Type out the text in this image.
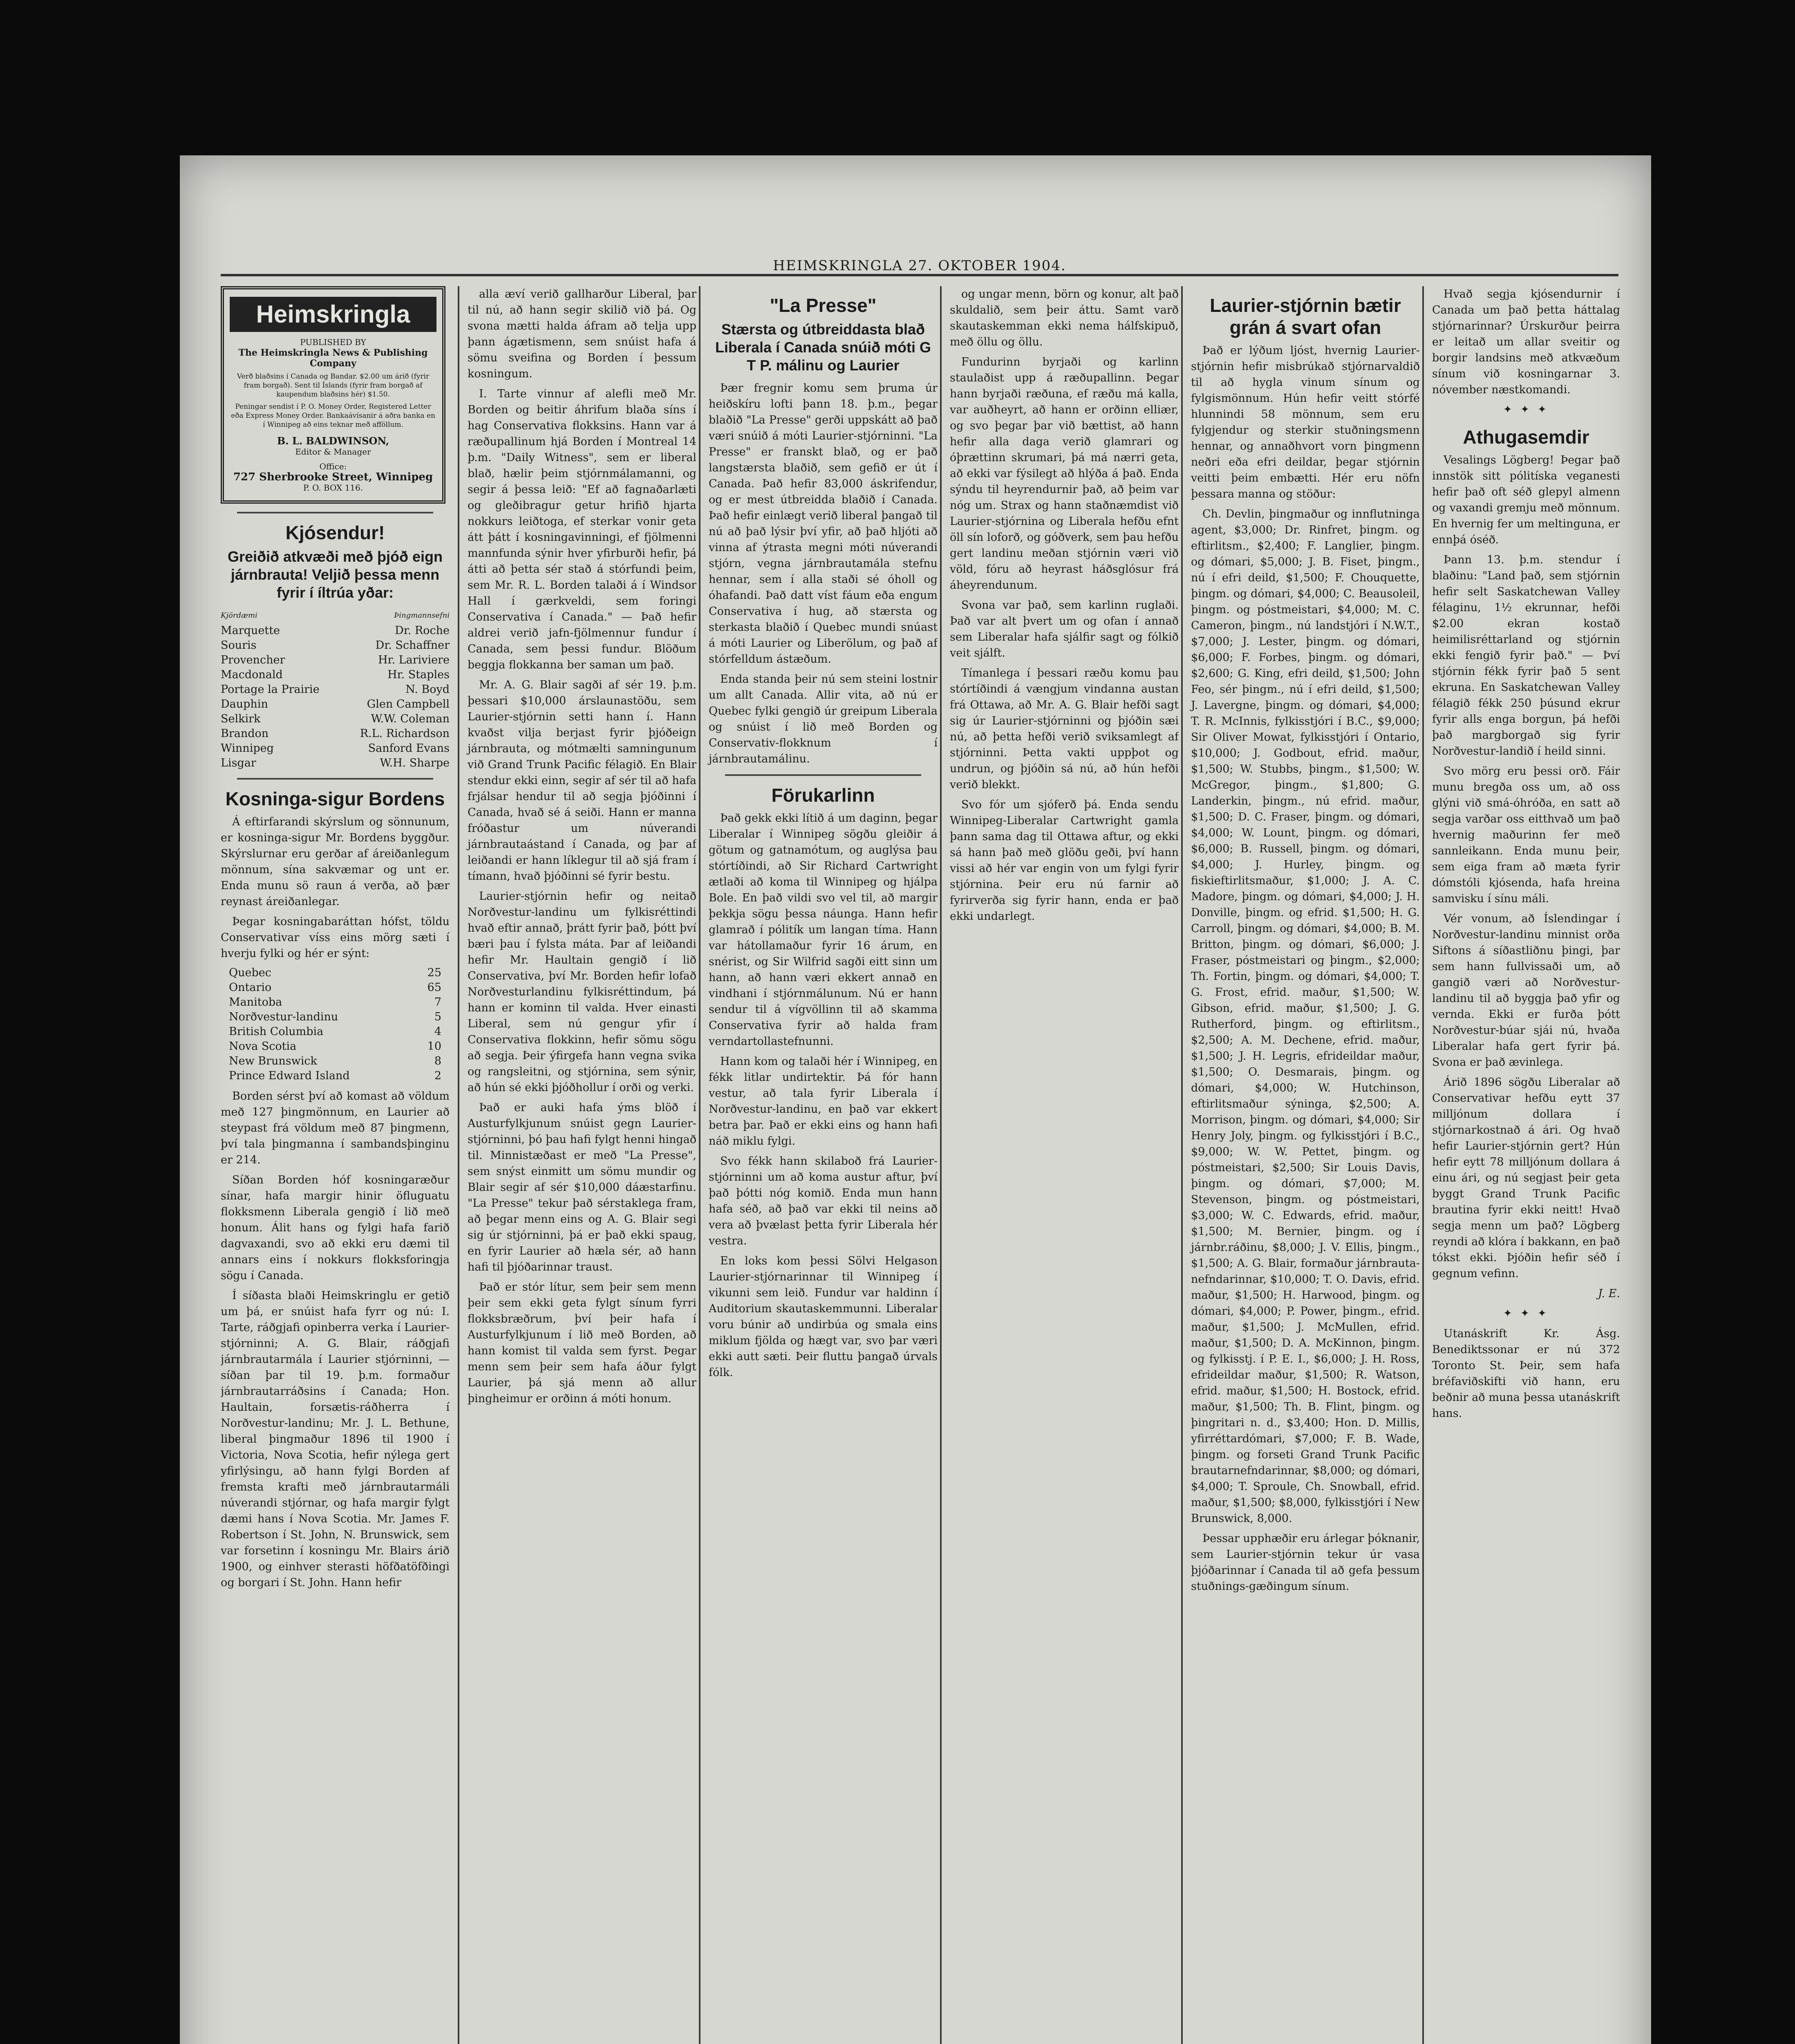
HEIMSKRINGLA 27. OKTOBER 1904.
Heimskringla
PUBLISHED BY
The Heimskringla News & Publishing Company
Verð blaðsins í Canada og Bandar. $2.00 um árið (fyrir fram borgað). Sent til Íslands (fyrir fram borgað af kaupendum blaðsins hér) $1.50.
Peningar sendist í P. O. Money Order, Registered Letter eða Express Money Order. Bankaávísanir á aðra banka en í Winnipeg að eins teknar með afföllum.
B. L. BALDWINSON,
Editor & Manager
Office:
727 Sherbrooke Street, Winnipeg
P. O. BOX 116.
Kjósendur!
Greiðið atkvæði með þjóð eign járnbrauta! Veljið þessa menn fyrir í íltrúa yðar:
Kjördæmi	Þingmannsefni
Marquette	Dr. Roche
Souris	Dr. Schaffner
Provencher	Hr. Lariviere
Macdonald	Hr. Staples
Portage la Prairie	N. Boyd
Dauphin	Glen Campbell
Selkirk	W.W. Coleman
Brandon	R.L. Richardson
Winnipeg	Sanford Evans
Lisgar	W.H. Sharpe
Kosninga-sigur Bordens

Á eftirfarandi skýrslum og sönnunum, er kosninga-sigur Mr. Bordens byggður. Skýrslurnar eru gerðar af áreiðanlegum mönnum, sína sakvæmar og unt er. Enda munu sö raun á verða, að þær reynast áreiðanlegar.

Þegar kosningabaráttan hófst, töldu Conservativar víss eins mörg sæti í hverju fylki og hér er sýnt:

Quebec	25
Ontario	65
Manitoba	7
Norðvestur-landinu	5
British Columbia	4
Nova Scotia	10
New Brunswick	8
Prince Edward Island	2

Borden sérst því að komast að völdum með 127 þingmönnum, en Laurier að steypast frá völdum með 87 þingmenn, því tala þingmanna í sambandsþinginu er 214.

Síðan Borden hóf kosningaræður sínar, hafa margir hinir öfluguatu flokksmenn Liberala gengið í lið með honum. Álit hans og fylgi hafa farið dagvaxandi, svo að ekki eru dæmi til annars eins í nokkurs flokksforingja sögu í Canada.

Í síðasta blaði Heimskringlu er getið um þá, er snúist hafa fyrr og nú: I. Tarte, ráðgjafi opinberra verka í Laurier-stjórninni; A. G. Blair, ráðgjafi járnbrautarmála í Laurier stjórninni, — síðan þar til 19. þ.m. formaður járnbrautarráðsins í Canada; Hon. Haultain, forsætis-ráðherra í Norðvestur-landinu; Mr. J. L. Bethune, liberal þingmaður 1896 til 1900 í Victoria, Nova Scotia, hefir nýlega gert yfirlýsingu, að hann fylgi Borden af fremsta krafti með járnbrautarmáli núverandi stjórnar, og hafa margir fylgt dæmi hans í Nova Scotia. Mr. James F. Robertson í St. John, N. Brunswick, sem var forsetinn í kosningu Mr. Blairs árið 1900, og einhver sterasti höfðatöfðingi og borgari í St. John. Hann hefir

alla æví verið gallharður Liberal, þar til nú, að hann segir skilið við þá. Og svona mætti halda áfram að telja upp þann ágætismenn, sem snúist hafa á sömu sveifina og Borden í þessum kosningum.

I. Tarte vinnur af alefli með Mr. Borden og beitir áhrifum blaða síns í hag Conservativa flokksins. Hann var á ræðupallinum hjá Borden í Montreal 14 þ.m. "Daily Witness", sem er liberal blað, hælir þeim stjórnmálamanni, og segir á þessa leið: "Ef að fagnaðarlæti og gleðibragur getur hrifið hjarta nokkurs leiðtoga, ef sterkar vonir geta átt þátt í kosningavinningi, ef fjölmenni mannfunda sýnir hver yfirburði hefir, þá átti að þetta sér stað á stórfundi þeim, sem Mr. R. L. Borden talaði á í Windsor Hall í gærkveldi, sem foringi Conservativa í Canada." — Það hefir aldrei verið jafn-fjölmennur fundur í Canada, sem þessi fundur. Blöðum beggja flokkanna ber saman um það.

Mr. A. G. Blair sagði af sér 19. þ.m. þessari $10,000 árslaunastöðu, sem Laurier-stjórnin setti hann í. Hann kvaðst vilja berjast fyrir þjóðeign járnbrauta, og mótmælti samningunum við Grand Trunk Pacific félagið. En Blair stendur ekki einn, segir af sér til að hafa frjálsar hendur til að segja þjóðinni í Canada, hvað sé á seiði. Hann er manna fróðastur um núverandi járnbrautaástand í Canada, og þar af leiðandi er hann líklegur til að sjá fram í tímann, hvað þjóðinni sé fyrir bestu.

Laurier-stjórnin hefir og neitað Norðvestur-landinu um fylkisréttindi hvað eftir annað, þrátt fyrir það, þótt því bæri þau í fylsta máta. Þar af leiðandi hefir Mr. Haultain gengið í lið Conservativa, því Mr. Borden hefir lofað Norðvesturlandinu fylkisréttindum, þá hann er kominn til valda. Hver einasti Liberal, sem nú gengur yfir í Conservativa flokkinn, hefir sömu sögu að segja. Þeir ýfirgefa hann vegna svika og rangsleitni, og stjórnina, sem sýnir, að hún sé ekki þjóðhollur í orði og verki.

Það er auki hafa ýms blöð í Austurfylkjunum snúist gegn Laurier-stjórninni, þó þau hafi fylgt henni hingað til. Minnistæðast er með "La Presse", sem snýst einmitt um sömu mundir og Blair segir af sér $10,000 dáæstarfinu. "La Presse" tekur það sérstaklega fram, að þegar menn eins og A. G. Blair segi sig úr stjórninni, þá er það ekki spaug, en fyrir Laurier að hæla sér, að hann hafi til þjóðarinnar traust.

Það er stór lítur, sem þeir sem menn þeir sem ekki geta fylgt sínum fyrri flokksbræðrum, því þeir hafa í Austurfylkjunum í lið með Borden, að hann komist til valda sem fyrst. Þegar menn sem þeir sem hafa áður fylgt Laurier, þá sjá menn að allur þingheimur er orðinn á móti honum.

"La Presse"
Stærsta og útbreiddasta blað Liberala í Canada snúið móti G T P. málinu og Laurier

Þær fregnir komu sem þruma úr heiðskíru lofti þann 18. þ.m., þegar blaðið "La Presse" gerði uppskátt að það væri snúið á móti Laurier-stjórninni. "La Presse" er franskt blað, og er það langstærsta blaðið, sem gefið er út í Canada. Það hefir 83,000 áskrifendur, og er mest útbreidda blaðið í Canada. Það hefir einlægt verið liberal þangað til nú að það lýsir því yfir, að það hljóti að vinna af ýtrasta megni móti núverandi stjórn, vegna járnbrautamála stefnu hennar, sem í alla staði sé óholl og óhafandi. Það datt víst fáum eða engum Conservativa í hug, að stærsta og sterkasta blaðið í Quebec mundi snúast á móti Laurier og Liberölum, og það af stórfelldum ástæðum.

Enda standa þeir nú sem steini lostnir um allt Canada. Allir vita, að nú er Quebec fylki gengið úr greipum Liberala og snúist í lið með Borden og Conservativ-flokknum í járnbrautamálinu.

Förukarlinn

Það gekk ekki lítið á um daginn, þegar Liberalar í Winnipeg sögðu gleiðir á götum og gatnamótum, og auglýsa þau stórtíðindi, að Sir Richard Cartwright ætlaði að koma til Winnipeg og hjálpa Bole. En það vildi svo vel til, að margir þekkja sögu þessa náunga. Hann hefir glamrað í pólitík um langan tíma. Hann var hátollamaður fyrir 16 árum, en snérist, og Sir Wilfrid sagði eitt sinn um hann, að hann væri ekkert annað en vindhani í stjórnmálunum. Nú er hann sendur til á vígvöllinn til að skamma Conservativa fyrir að halda fram verndartollastefnunni.

Hann kom og talaði hér í Winnipeg, en fékk litlar undirtektir. Þá fór hann vestur, að tala fyrir Liberala í Norðvestur-landinu, en það var ekkert betra þar. Það er ekki eins og hann hafi náð miklu fylgi.

Svo fékk hann skilaboð frá Laurier-stjórninni um að koma austur aftur, því það þótti nóg komið. Enda mun hann hafa séð, að það var ekki til neins að vera að þvælast þetta fyrir Liberala hér vestra.

En loks kom þessi Sölvi Helgason Laurier-stjórnarinnar til Winnipeg í vikunni sem leið. Fundur var haldinn í Auditorium skautaskemmunni. Liberalar voru búnir að undirbúa og smala eins miklum fjölda og hægt var, svo þar væri ekki autt sæti. Þeir fluttu þangað úrvals fólk.

og ungar menn, börn og konur, alt það skuldalið, sem þeir áttu. Samt varð skautaskemman ekki nema hálfskipuð, með öllu og öllu.

Fundurinn byrjaði og karlinn staulaðist upp á ræðupallinn. Þegar hann byrjaði ræðuna, ef ræðu má kalla, var auðheyrt, að hann er orðinn elliær, og svo þegar þar við bættist, að hann hefir alla daga verið glamrari og óþrættinn skrumari, þá má nærri geta, að ekki var fýsilegt að hlýða á það. Enda sýndu til heyrendurnir það, að þeim var nóg um. Strax og hann staðnæmdist við Laurier-stjórnina og Liberala hefðu efnt öll sín loforð, og góðverk, sem þau hefðu gert landinu meðan stjórnin væri við völd, fóru að heyrast háðsglósur frá áheyrendunum.

Svona var það, sem karlinn ruglaði. Það var alt þvert um og ofan í annað sem Liberalar hafa sjálfir sagt og fólkið veit sjálft.

Tímanlega í þessari ræðu komu þau stórtíðindi á vængjum vindanna austan frá Ottawa, að Mr. A. G. Blair hefði sagt sig úr Laurier-stjórninni og þjóðin sæi nú, að þetta hefði verið sviksamlegt af stjórninni. Þetta vakti uppþot og undrun, og þjóðin sá nú, að hún hefði verið blekkt.

Svo fór um sjóferð þá. Enda sendu Winnipeg-Liberalar Cartwright gamla þann sama dag til Ottawa aftur, og ekki sá hann það með glöðu geði, því hann vissi að hér var engin von um fylgi fyrir stjórnina. Þeir eru nú farnir að fyrirverða sig fyrir hann, enda er það ekki undarlegt.

Laurier-stjórnin bætir grán á svart ofan

Það er lýðum ljóst, hvernig Laurier-stjórnin hefir misbrúkað stjórnarvaldið til að hygla vinum sínum og fylgismönnum. Hún hefir veitt stórfé hlunnindi 58 mönnum, sem eru fylgjendur og sterkir stuðningsmenn hennar, og annaðhvort vorn þingmenn neðri eða efri deildar, þegar stjórnin veitti þeim embætti. Hér eru nöfn þessara manna og stöður:

Ch. Devlin, þingmaður og innflutninga agent, $3,000; Dr. Rinfret, þingm. og eftirlitsm., $2,400; F. Langlier, þingm. og dómari, $5,000; J. B. Fiset, þingm., nú í efri deild, $1,500; F. Chouquette, þingm. og dómari, $4,000; C. Beausoleil, þingm. og póstmeistari, $4,000; M. C. Cameron, þingm., nú landstjóri í N.W.T., $7,000; J. Lester, þingm. og dómari, $6,000; F. Forbes, þingm. og dómari, $2,600; G. King, efri deild, $1,500; John Feo, sér þingm., nú í efri deild, $1,500; J. Lavergne, þingm. og dómari, $4,000; T. R. McInnis, fylkisstjóri í B.C., $9,000; Sir Oliver Mowat, fylkisstjóri í Ontario, $10,000; J. Godbout, efrid. maður, $1,500; W. Stubbs, þingm., $1,500; W. McGregor, þingm., $1,800; G. Landerkin, þingm., nú efrid. maður, $1,500; D. C. Fraser, þingm. og dómari, $4,000; W. Lount, þingm. og dómari, $6,000; B. Russell, þingm. og dómari, $4,000; J. Hurley, þingm. og fiskieftirlitsmaður, $1,000; J. A. C. Madore, þingm. og dómari, $4,000; J. H. Donville, þingm. og efrid. $1,500; H. G. Carroll, þingm. og dómari, $4,000; B. M. Britton, þingm. og dómari, $6,000; J. Fraser, póstmeistari og þingm., $2,000; Th. Fortin, þingm. og dómari, $4,000; T. G. Frost, efrid. maður, $1,500; W. Gibson, efrid. maður, $1,500; J. G. Rutherford, þingm. og eftirlitsm., $2,500; A. M. Dechene, efrid. maður, $1,500; J. H. Legris, efrideildar maður, $1,500; O. Desmarais, þingm. og dómari, $4,000; W. Hutchinson, eftirlitsmaður sýninga, $2,500; A. Morrison, þingm. og dómari, $4,000; Sir Henry Joly, þingm. og fylkisstjóri í B.C., $9,000; W. W. Pettet, þingm. og póstmeistari, $2,500; Sir Louis Davis, þingm. og dómari, $7,000; M. Stevenson, þingm. og póstmeistari, $3,000; W. C. Edwards, efrid. maður, $1,500; M. Bernier, þingm. og í járnbr.ráðinu, $8,000; J. V. Ellis, þingm., $1,500; A. G. Blair, formaður járnbrauta-nefndarinnar, $10,000; T. O. Davis, efrid. maður, $1,500; H. Harwood, þingm. og dómari, $4,000; P. Power, þingm., efrid. maður, $1,500; J. McMullen, efrid. maður, $1,500; D. A. McKinnon, þingm. og fylkisstj. í P. E. I., $6,000; J. H. Ross, efrideildar maður, $1,500; R. Watson, efrid. maður, $1,500; H. Bostock, efrid. maður, $1,500; Th. B. Flint, þingm. og þingritari n. d., $3,400; Hon. D. Millis, yfirréttardómari, $7,000; F. B. Wade, þingm. og forseti Grand Trunk Pacific brautarnefndarinnar, $8,000; og dómari, $4,000; T. Sproule, Ch. Snowball, efrid. maður, $1,500; $8,000, fylkisstjóri í New Brunswick, 8,000.

Þessar upphæðir eru árlegar þóknanir, sem Laurier-stjórnin tekur úr vasa þjóðarinnar í Canada til að gefa þessum stuðnings-gæðingum sínum.

Hvað segja kjósendurnir í Canada um það þetta háttalag stjórnarinnar? Úrskurður þeirra er leitað um allar sveitir og borgir landsins með atkvæðum sínum við kosningarnar 3. nóvember næstkomandi.

✦ ✦ ✦
Athugasemdir

Vesalings Lögberg! Þegar það innstök sitt pólitíska veganesti hefir það oft séð glepyl almenn og vaxandi gremju með mönnum. En hvernig fer um meltinguna, er ennþá óséð.

Þann 13. þ.m. stendur í blaðinu: "Land það, sem stjórnin hefir selt Saskatchewan Valley félaginu, 1½ ekrunnar, hefði $2.00 ekran kostað heimilisréttarland og stjórnin ekki fengið fyrir það." — Því stjórnin fékk fyrir það 5 sent ekruna. En Saskatchewan Valley félagið fékk 250 þúsund ekrur fyrir alls enga borgun, þá hefði það margborgað sig fyrir Norðvestur-landið í heild sinni.

Svo mörg eru þessi orð. Fáir munu bregða oss um, að oss glýni við smá-óhróða, en satt að segja varðar oss eitthvað um það hvernig maðurinn fer með sannleikann. Enda munu þeir, sem eiga fram að mæta fyrir dómstóli kjósenda, hafa hreina samvisku í sínu máli.

Vér vonum, að Íslendingar í Norðvestur-landinu minnist orða Siftons á síðastliðnu þingi, þar sem hann fullvissaði um, að gangið væri að Norðvestur-landinu til að byggja það yfir og vernda. Ekki er furða þótt Norðvestur-búar sjái nú, hvaða Liberalar hafa gert fyrir þá. Svona er það ævinlega.

Árið 1896 sögðu Liberalar að Conservativar hefðu eytt 37 milljónum dollara í stjórnarkostnað á ári. Og hvað hefir Laurier-stjórnin gert? Hún hefir eytt 78 milljónum dollara á einu ári, og nú segjast þeir geta byggt Grand Trunk Pacific brautina fyrir ekki neitt! Hvað segja menn um það? Lögberg reyndi að klóra í bakkann, en það tókst ekki. Þjóðin hefir séð í gegnum vefinn.

J. E.
✦ ✦ ✦

Utanáskrift Kr. Ásg. Benediktssonar er nú 372 Toronto St. Þeir, sem hafa bréfaviðskifti við hann, eru beðnir að muna þessa utanáskrift hans.
